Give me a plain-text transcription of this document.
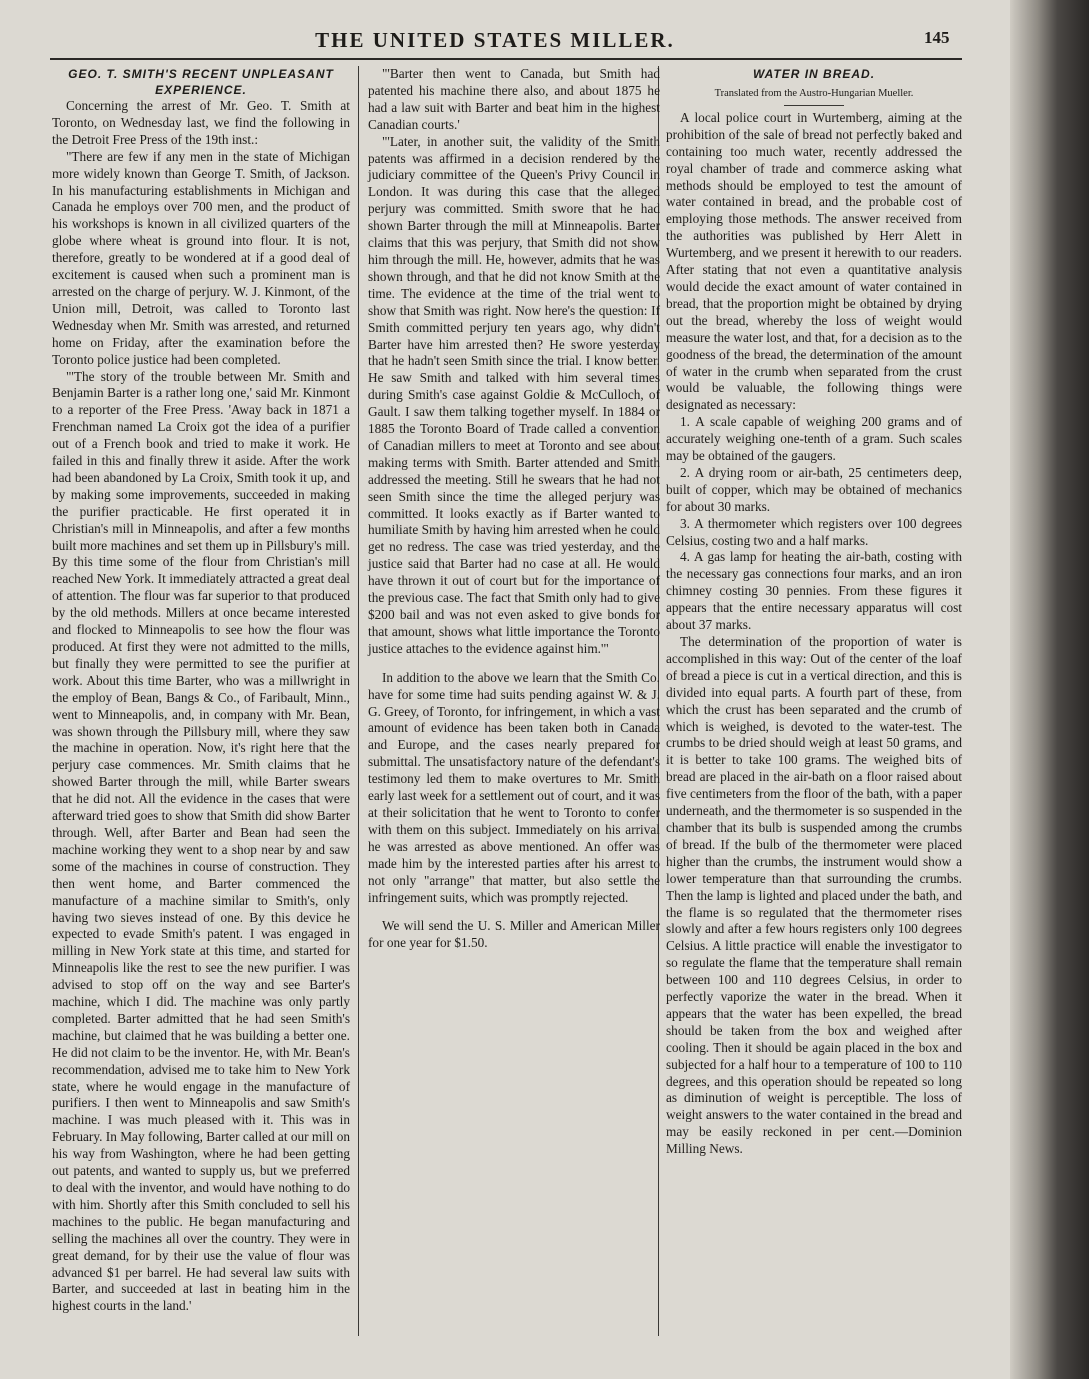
THE UNITED STATES MILLER.	145
GEO. T. SMITH'S RECENT UNPLEASANT EXPERIENCE.

Concerning the arrest of Mr. Geo. T. Smith at Toronto, on Wednesday last, we find the following in the Detroit Free Press of the 19th inst.:

"There are few if any men in the state of Michigan more widely known than George T. Smith, of Jackson. In his manufacturing establishments in Michigan and Canada he employs over 700 men, and the product of his workshops is known in all civilized quarters of the globe where wheat is ground into flour. It is not, therefore, greatly to be wondered at if a good deal of excitement is caused when such a prominent man is arrested on the charge of perjury. W. J. Kinmont, of the Union mill, Detroit, was called to Toronto last Wednesday when Mr. Smith was arrested, and returned home on Friday, after the examination before the Toronto police justice had been completed.

"'The story of the trouble between Mr. Smith and Benjamin Barter is a rather long one,' said Mr. Kinmont to a reporter of the Free Press. 'Away back in 1871 a Frenchman named La Croix got the idea of a purifier out of a French book and tried to make it work. He failed in this and finally threw it aside. After the work had been abandoned by La Croix, Smith took it up, and by making some improvements, succeeded in making the purifier practicable. He first operated it in Christian's mill in Minneapolis, and after a few months built more machines and set them up in Pillsbury's mill. By this time some of the flour from Christian's mill reached New York. It immediately attracted a great deal of attention. The flour was far superior to that produced by the old methods. Millers at once became interested and flocked to Minneapolis to see how the flour was produced. At first they were not admitted to the mills, but finally they were permitted to see the purifier at work. About this time Barter, who was a millwright in the employ of Bean, Bangs & Co., of Faribault, Minn., went to Minneapolis, and, in company with Mr. Bean, was shown through the Pillsbury mill, where they saw the machine in operation. Now, it's right here that the perjury case commences. Mr. Smith claims that he showed Barter through the mill, while Barter swears that he did not. All the evidence in the cases that were afterward tried goes to show that Smith did show Barter through. Well, after Barter and Bean had seen the machine working they went to a shop near by and saw some of the machines in course of construction. They then went home, and Barter commenced the manufacture of a machine similar to Smith's, only having two sieves instead of one. By this device he expected to evade Smith's patent. I was engaged in milling in New York state at this time, and started for Minneapolis like the rest to see the new purifier. I was advised to stop off on the way and see Barter's machine, which I did. The machine was only partly completed. Barter admitted that he had seen Smith's machine, but claimed that he was building a better one. He did not claim to be the inventor. He, with Mr. Bean's recommendation, advised me to take him to New York state, where he would engage in the manufacture of purifiers. I then went to Minneapolis and saw Smith's machine. I was much pleased with it. This was in February. In May following, Barter called at our mill on his way from Washington, where he had been getting out patents, and wanted to supply us, but we preferred to deal with the inventor, and would have nothing to do with him. Shortly after this Smith concluded to sell his machines to the public. He began manufacturing and selling the machines all over the country. They were in great demand, for by their use the value of flour was advanced $1 per barrel. He had several law suits with Barter, and succeeded at last in beating him in the highest courts in the land.'

"'Barter then went to Canada, but Smith had patented his machine there also, and about 1875 he had a law suit with Barter and beat him in the highest Canadian courts.'

"'Later, in another suit, the validity of the Smith patents was affirmed in a decision rendered by the judiciary committee of the Queen's Privy Council in London. It was during this case that the alleged perjury was committed. Smith swore that he had shown Barter through the mill at Minneapolis. Barter claims that this was perjury, that Smith did not show him through the mill. He, however, admits that he was shown through, and that he did not know Smith at the time. The evidence at the time of the trial went to show that Smith was right. Now here's the question: If Smith committed perjury ten years ago, why didn't Barter have him arrested then? He swore yesterday that he hadn't seen Smith since the trial. I know better. He saw Smith and talked with him several times during Smith's case against Goldie & McCulloch, of Gault. I saw them talking together myself. In 1884 or 1885 the Toronto Board of Trade called a convention of Canadian millers to meet at Toronto and see about making terms with Smith. Barter attended and Smith addressed the meeting. Still he swears that he had not seen Smith since the time the alleged perjury was committed. It looks exactly as if Barter wanted to humiliate Smith by having him arrested when he could get no redress. The case was tried yesterday, and the justice said that Barter had no case at all. He would have thrown it out of court but for the importance of the previous case. The fact that Smith only had to give $200 bail and was not even asked to give bonds for that amount, shows what little importance the Toronto justice attaches to the evidence against him.'"

In addition to the above we learn that the Smith Co. have for some time had suits pending against W. & J. G. Greey, of Toronto, for infringement, in which a vast amount of evidence has been taken both in Canada and Europe, and the cases nearly prepared for submittal. The unsatisfactory nature of the defendant's testimony led them to make overtures to Mr. Smith early last week for a settlement out of court, and it was at their solicitation that he went to Toronto to confer with them on this subject. Immediately on his arrival he was arrested as above mentioned. An offer was made him by the interested parties after his arrest to not only "arrange" that matter, but also settle the infringement suits, which was promptly rejected.

We will send the U. S. Miller and American Miller for one year for $1.50.

WATER IN BREAD.
Translated from the Austro-Hungarian Mueller.

A local police court in Wurtemberg, aiming at the prohibition of the sale of bread not perfectly baked and containing too much water, recently addressed the royal chamber of trade and commerce asking what methods should be employed to test the amount of water contained in bread, and the probable cost of employing those methods. The answer received from the authorities was published by Herr Alett in Wurtemberg, and we present it herewith to our readers. After stating that not even a quantitative analysis would decide the exact amount of water contained in bread, that the proportion might be obtained by drying out the bread, whereby the loss of weight would measure the water lost, and that, for a decision as to the goodness of the bread, the determination of the amount of water in the crumb when separated from the crust would be valuable, the following things were designated as necessary:

1. A scale capable of weighing 200 grams and of accurately weighing one-tenth of a gram. Such scales may be obtained of the gaugers.

2. A drying room or air-bath, 25 centimeters deep, built of copper, which may be obtained of mechanics for about 30 marks.

3. A thermometer which registers over 100 degrees Celsius, costing two and a half marks.

4. A gas lamp for heating the air-bath, costing with the necessary gas connections four marks, and an iron chimney costing 30 pennies. From these figures it appears that the entire necessary apparatus will cost about 37 marks.

The determination of the proportion of water is accomplished in this way: Out of the center of the loaf of bread a piece is cut in a vertical direction, and this is divided into equal parts. A fourth part of these, from which the crust has been separated and the crumb of which is weighed, is devoted to the water-test. The crumbs to be dried should weigh at least 50 grams, and it is better to take 100 grams. The weighed bits of bread are placed in the air-bath on a floor raised about five centimeters from the floor of the bath, with a paper underneath, and the thermometer is so suspended in the chamber that its bulb is suspended among the crumbs of bread. If the bulb of the thermometer were placed higher than the crumbs, the instrument would show a lower temperature than that surrounding the crumbs. Then the lamp is lighted and placed under the bath, and the flame is so regulated that the thermometer rises slowly and after a few hours registers only 100 degrees Celsius. A little practice will enable the investigator to so regulate the flame that the temperature shall remain between 100 and 110 degrees Celsius, in order to perfectly vaporize the water in the bread. When it appears that the water has been expelled, the bread should be taken from the box and weighed after cooling. Then it should be again placed in the box and subjected for a half hour to a temperature of 100 to 110 degrees, and this operation should be repeated so long as diminution of weight is perceptible. The loss of weight answers to the water contained in the bread and may be easily reckoned in per cent.—Dominion Milling News.
